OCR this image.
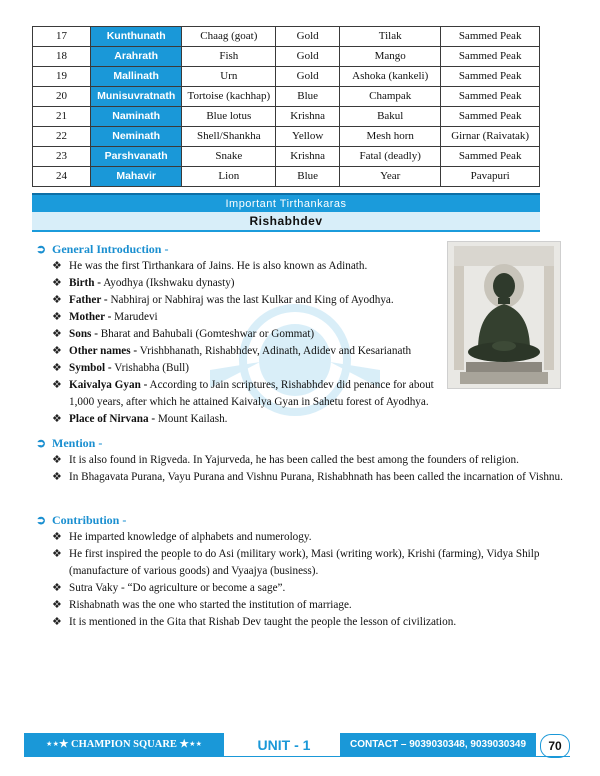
17	Kunthunath	Chaag (goat)	Gold	Tilak	Sammed Peak
18	Arahrath	Fish	Gold	Mango	Sammed Peak
19	Mallinath	Urn	Gold	Ashoka (kankeli)	Sammed Peak
20	Munisuvratnath	Tortoise (kachhap)	Blue	Champak	Sammed Peak
21	Naminath	Blue lotus	Krishna	Bakul	Sammed Peak
22	Neminath	Shell/Shankha	Yellow	Mesh horn	Girnar (Raivatak)
23	Parshvanath	Snake	Krishna	Fatal (deadly)	Sammed Peak
24	Mahavir	Lion	Blue	Year	Pavapuri
Important Tirthankaras
Rishabhdev
➲ General Introduction -
❖ He was the first Tirthankara of Jains. He is also known as Adinath.
❖ Birth - Ayodhya (Ikshwaku dynasty)
❖ Father - Nabhiraj or Nabhiraj was the last Kulkar and King of Ayodhya.
❖ Mother - Marudevi
❖ Sons - Bharat and Bahubali (Gomteshwar or Gommat)
❖ Other names - Vrishbhanath, Rishabhdev, Adinath, Adidev and Kesarianath
❖ Symbol - Vrishabha (Bull)
❖ Kaivalya Gyan - According to Jain scriptures, Rishabhdev did penance for about 1,000 years, after which he attained Kaivalya Gyan in Sahetu forest of Ayodhya.
❖ Place of Nirvana - Mount Kailash.
➲ Mention -
❖ It is also found in Rigveda. In Yajurveda, he has been called the best among the founders of religion.
❖ In Bhagavata Purana, Vayu Purana and Vishnu Purana, Rishabhnath has been called the incarnation of Vishnu.
➲ Contribution -
❖ He imparted knowledge of alphabets and numerology.
❖ He first inspired the people to do Asi (military work), Masi (writing work), Krishi (farming), Vidya Shilp (manufacture of various goods) and Vyaajya (business).
❖ Sutra Vaky - “Do agriculture or become a sage”.
❖ Rishabnath was the one who started the institution of marriage.
❖ It is mentioned in the Gita that Rishab Dev taught the people the lesson of civilization.
⋆⋆★ CHAMPION SQUARE ★⋆⋆	UNIT - 1	CONTACT – 9039030348, 9039030349	70
